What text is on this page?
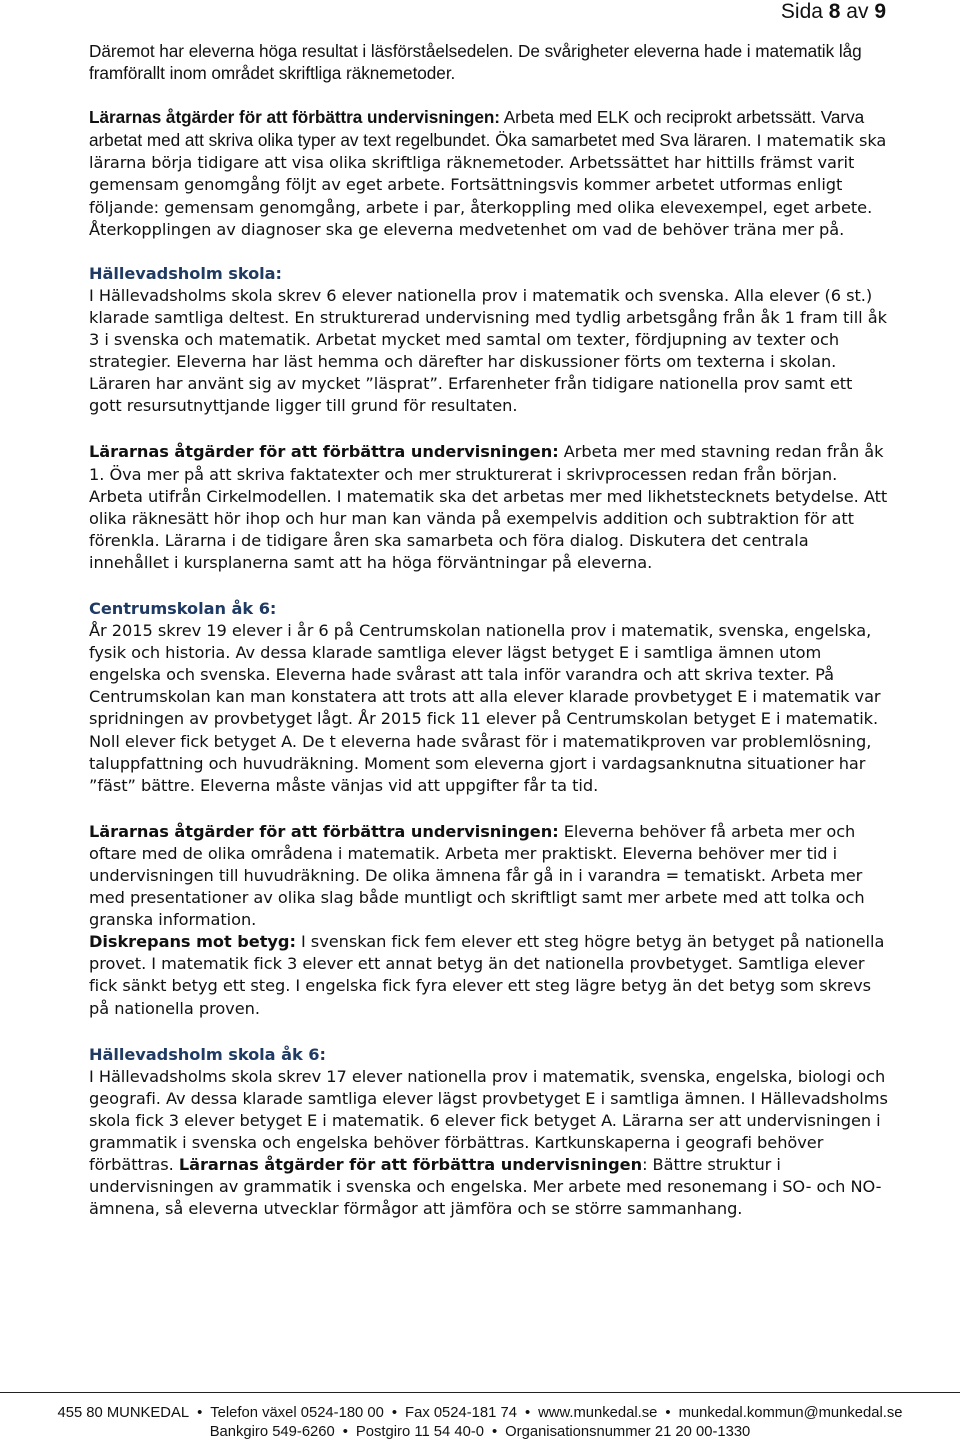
Sida 8 av 9

Däremot har eleverna höga resultat i läsförståelsedelen. De svårigheter eleverna hade i matematik låg framförallt inom området skriftliga räknemetoder.

Lärarnas åtgärder för att förbättra undervisningen: Arbeta med ELK och reciprokt arbetssätt. Varva arbetat med att skriva olika typer av text regelbundet. Öka samarbetet med Sva läraren. I matematik ska lärarna börja tidigare att visa olika skriftliga räknemetoder. Arbetssättet har hittills främst varit gemensam genomgång följt av eget arbete. Fortsättningsvis kommer arbetet utformas enligt följande: gemensam genomgång, arbete i par, återkoppling med olika elevexempel, eget arbete. Återkopplingen av diagnoser ska ge eleverna medvetenhet om vad de behöver träna mer på.

Hällevadsholm skola:

I Hällevadsholms skola skrev 6 elever nationella prov i matematik och svenska. Alla elever (6 st.) klarade samtliga deltest. En strukturerad undervisning med tydlig arbetsgång från åk 1 fram till åk 3 i svenska och matematik. Arbetat mycket med samtal om texter, fördjupning av texter och strategier. Eleverna har läst hemma och därefter har diskussioner förts om texterna i skolan. Läraren har använt sig av mycket ”läsprat”. Erfarenheter från tidigare nationella prov samt ett gott resursutnyttjande ligger till grund för resultaten.

Lärarnas åtgärder för att förbättra undervisningen: Arbeta mer med stavning redan från åk 1. Öva mer på att skriva faktatexter och mer strukturerat i skrivprocessen redan från början. Arbeta utifrån Cirkelmodellen. I matematik ska det arbetas mer med likhetstecknets betydelse. Att olika räknesätt hör ihop och hur man kan vända på exempelvis addition och subtraktion för att förenkla. Lärarna i de tidigare åren ska samarbeta och föra dialog. Diskutera det centrala innehållet i kursplanerna samt att ha höga förväntningar på eleverna.

Centrumskolan åk 6:

År 2015 skrev 19 elever i år 6 på Centrumskolan nationella prov i matematik, svenska, engelska, fysik och historia. Av dessa klarade samtliga elever lägst betyget E i samtliga ämnen utom engelska och svenska. Eleverna hade svårast att tala inför varandra och att skriva texter. På Centrumskolan kan man konstatera att trots att alla elever klarade provbetyget E i matematik var spridningen av provbetyget lågt. År 2015 fick 11 elever på Centrumskolan betyget E i matematik. Noll elever fick betyget A. De t eleverna hade svårast för i matematikproven var problemlösning, taluppfattning och huvudräkning. Moment som eleverna gjort i vardagsanknutna situationer har ”fäst” bättre. Eleverna måste vänjas vid att uppgifter får ta tid.

Lärarnas åtgärder för att förbättra undervisningen: Eleverna behöver få arbeta mer och oftare med de olika områdena i matematik. Arbeta mer praktiskt. Eleverna behöver mer tid i undervisningen till huvudräkning. De olika ämnena får gå in i varandra = tematiskt. Arbeta mer med presentationer av olika slag både muntligt och skriftligt samt mer arbete med att tolka och granska information.

Diskrepans mot betyg: I svenskan fick fem elever ett steg högre betyg än betyget på nationella provet. I matematik fick 3 elever ett annat betyg än det nationella provbetyget. Samtliga elever fick sänkt betyg ett steg. I engelska fick fyra elever ett steg lägre betyg än det betyg som skrevs på nationella proven.

Hällevadsholm skola åk 6:

I Hällevadsholms skola skrev 17 elever nationella prov i matematik, svenska, engelska, biologi och geografi. Av dessa klarade samtliga elever lägst provbetyget E i samtliga ämnen. I Hällevadsholms skola fick 3 elever betyget E i matematik. 6 elever fick betyget A. Lärarna ser att undervisningen i grammatik i svenska och engelska behöver förbättras. Kartkunskaperna i geografi behöver förbättras. Lärarnas åtgärder för att förbättra undervisningen: Bättre struktur i undervisningen av grammatik i svenska och engelska. Mer arbete med resonemang i SO- och NO-ämnena, så eleverna utvecklar förmågor att jämföra och se större sammanhang.

455 80 MUNKEDAL • Telefon växel 0524-180 00 • Fax 0524-181 74 • www.munkedal.se • munkedal.kommun@munkedal.se
Bankgiro 549-6260 • Postgiro 11 54 40-0 • Organisationsnummer 21 20 00-1330
